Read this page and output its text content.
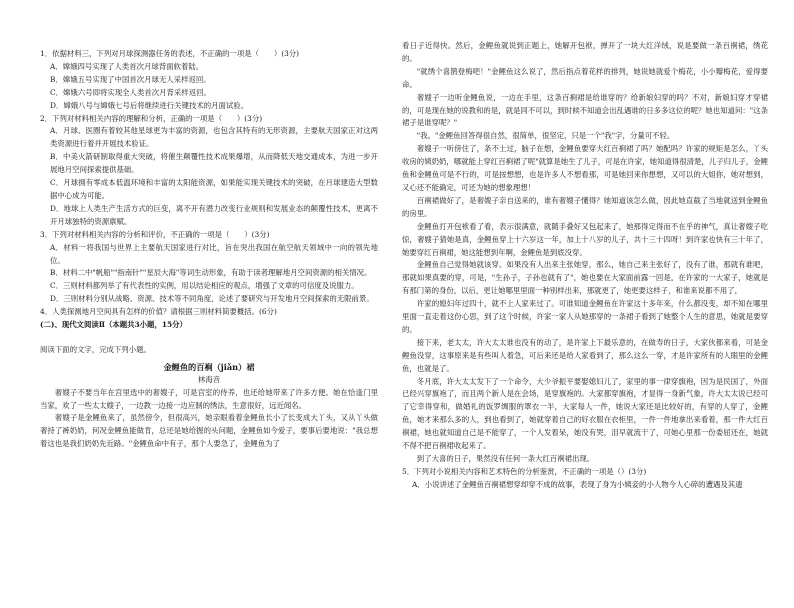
1．依据材料三，下列对月球探测器任务的表述，不正确的一项是（　　）(3分)

A．嫦娥四号实现了人类首次月球背面软着陆。

B．嫦娥五号实现了中国首次月球无人采样返回。

C．嫦娥六号即将实现全人类首次月背采样返回。

D．嫦娥八号与嫦娥七号后将继续进行关键技术的月面试验。

2．下列对材料相关内容的理解和分析，正确的一项是（　　）(3分)

A．月球、医圈有着较其他星球更为丰富的资源，也包含其特有的无形资源，主要航天国家正对这两类资源进行着并开展技术验证。

B．中美火箭研制取得重大突破，将催生颠覆性技术成果爆增，从而降低天地交通成本，为进一步开展地月空间探索提供基础。

C．月球拥有零成本低温环境和丰富的太阳能资源，如果能实现关键技术的突破，在月球建造大型数据中心成为可能。

D．地球上人类生产生活方式的巨变，离不开有潜力改变行业规则和发展业态的颠覆性技术，更离不开月球独特的资源禀赋。

3．下列对材料相关内容的分析和评价，不正确的一项是（　　）(3分)

A．材料一将我国与世界上主要航天国家进行对比，旨在突出我国在航空航天领域中一向的领先地位。

B．材料二中"帆船""指南针""星辰大海"等词生动形象，有助于读者理解地月空间资源的相关情况。

C．三则材料都列举了有代表性的实例，用以结论相应的观点，增强了文章的可信度及说服力。

D．三则材料分别从战略、资源、技术等不同角度，论述了要研究与开发地月空间探索的无限前景。

4．人类探测地月空间具有怎样的价值？请根据三则材料简要概括。(6分)

(二)、现代文阅读Ⅱ（本题共3小题，15分）

阅读下面的文字，完成下列小题。

金鲤鱼的百裥（jiǎn）裙

林海音

奢嫂子不要当年在宫里选中的奢嫂子，可是宫室的侍养，也还给她带来了许多方便。她在恰逢门里当家，欢了一些太太嫂子，一边教一边接一边应制的绣法，生意很好，远近闻名。

奢嫂子是金鲤鱼来了，虽然傍令，但很高兴，她亲眼看着金鲤鱼长小了长变成大丫头，又从丫头做奢持了裤奶奶，何况金鲤鱼能做肯，总还是她给握的头问题，金鲤鱼如今爱子，要事后要地说："我总想着这也是我们奶奶先近路。"金鲤鱼命中有子，那个人要急了，金鲤鱼为了

看日子近得快。然后，金鲤鱼就说到正题上，她解开包袱，掸开了一块大红洋绒，说是要做一条百裥裙，绣花的。

"就绣个喜鹊登梅吧！"金鲤鱼这么说了，然后指点着花样的排列，她说她就爱个梅花，小小瓣梅花，爱得要命。

奢嫂子一边听金鲤鱼说，一边在手里，这条百裥裙是给谁穿的？给新娘妇穿的吗？不对，新娘妇穿才穿裙的，可是现在她的说教和的是，就是同不可以，到时候不知道会出乱遇谁的日多多这位的呢？她也知道问："这条裙子是谁穿呢？"

"我。"金鲤鱼回答得很自然，很简单，很坚定，只是一个"我"字，分量可不轻。

奢嫂子一听傍住了，条不土过，脑子在想，金鲤鱼要穿大红百裥裙了吗？她配吗？许家的规矩是怎么，丫头收房的姨奶奶，哪就能上穿红百裥裙了呢"就算是她生了儿子，可是在许家，她知道得很清楚，儿子归儿子，金鲤鱼和金鲤鱼可是不行的，可是按想想，也是许多人不想看那，可是她回来你想想，又可以的大姐你，她对想到，又心还不能确定，可还为她的想象理想！

百裥裙做好了，是奢嫂子亲自送来的，谁有奢嫂子懂得？她知道该怎么做，因此她直截了当地就送到金鲤鱼的房里。

金鲤鱼打开包袱看了看，表示很满意，就随手叠好又包起来了，她那得定得而不在乎的神气，真让奢嫂子吃惊，奢嫂子猜她是真，金鲤鱼穿上十六岁这一年，加上十八岁的儿子，共十三十四呀！到许家也快有三十年了，她要穿红百裥裙，她这能想到年啊，金鲤鱼是到底没穿。

金鲤鱼自己觉得她就该穿。如果没有人出来主张她穿，那么，她自己来主张好了，没有了谁，那就有谁吧，那就如果真要的穿，可是，"生孙子，子孙也就有了"，她也要在大家面前露一回是，在许家的一大家子，她就是有那门第的身份，以后，更让她哪里里面一种别样出来，那就更了，她更要这样子，和谁来说都不用了，

许家的媳妇年过四十，就不上人家来过了。可谁知道金鲤鱼在许家这十多年来，什么都没变，却不知在哪里里面一直走着这份心思，到了这个时候，许家一家人从她那穿的一条裙子看到了她整个人生的意思，她就是要穿的。

接下来，老太太，许大太太谁也没有的动了，是许家上下最乐意的，在做寿的日子，大家伙都来看，可是金鲤鱼没穿，这事原来是有些叫人着急，可后来还是给人家看到了，那么这么一穿，才是许家所有的人眼里的金鲤鱼，也就是了。

冬月底，许大太太发下了一个命令，大少爷振平要娶媳妇儿了，家里的事一律穿旗袍，因为是民国了，外面已经兴穿旗袍了，而且两个新人是在会场，是穿旗袍的。大家都穿旗袍，才显得一身新气象，许大太太说已经可了它幸得穿和，做婚礼的饭罗绸服的罩衣一半，大家每人一件，她说大家还是比较好的，有穿的人穿了，金鲤鱼，她才来那么多的人，到也看到了，她就穿着自己的好衣服在衣柜里，一件一件地拿出来看着，那一件大红百裥裙，她也就知道自己是不能穿了，一个人发着呆，她没有哭，泪早就流干了，可她心里那一份委屈还在，她就不得不把百裥裙收起来了。

到了大喜的日子，果然没有任何一条大红百裥裙出现。

5．下列对小说相关内容和艺术特色的分析鉴赏，不正确的一项是（）(3分)

A．小说讲述了金鲤鱼百裥裙想穿却穿不成的故事，表现了身为小姨妾的小人物今人心碎的遭遇及其遗
